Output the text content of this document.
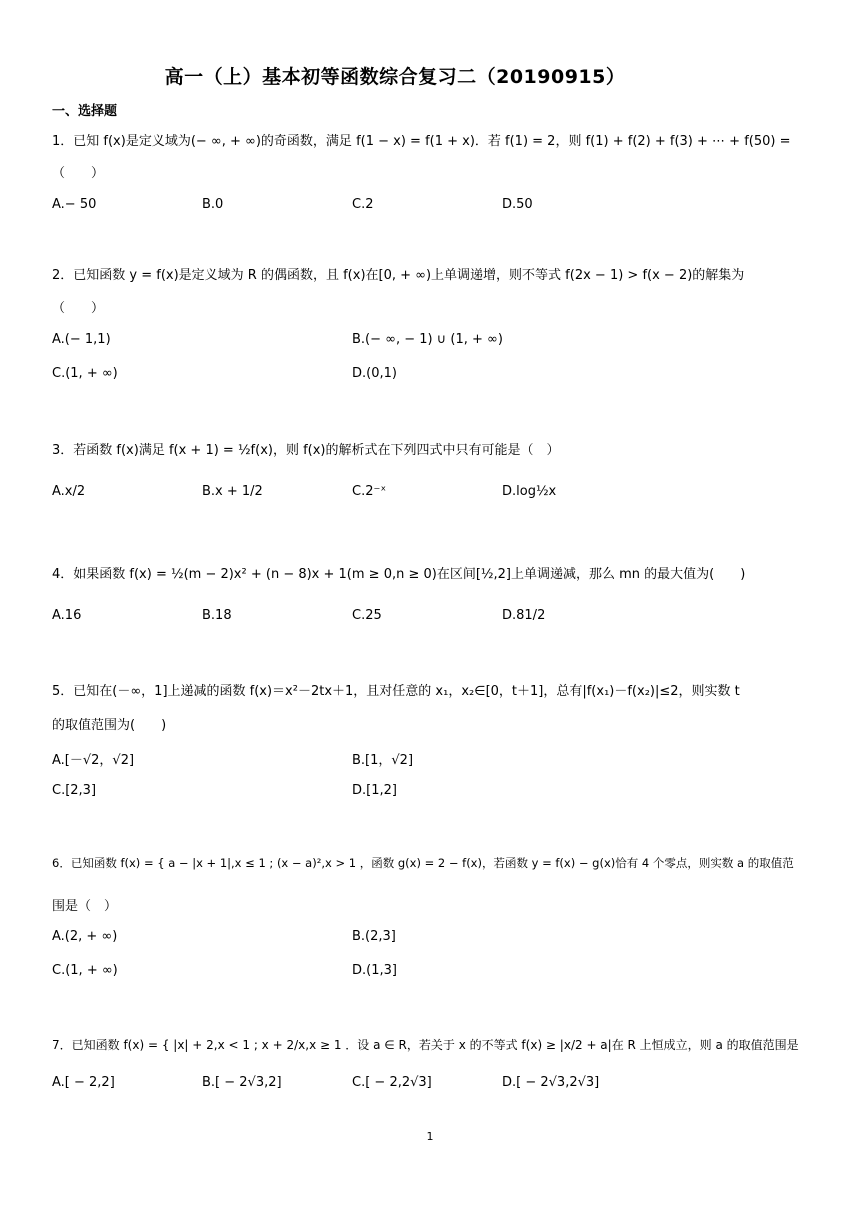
高一（上）基本初等函数综合复习二（20190915）
一、选择题
1．已知 f(x)是定义域为(− ∞, + ∞)的奇函数，满足 f(1 − x) = f(1 + x)．若 f(1) = 2，则 f(1) + f(2) + f(3) + ⋯ + f(50) =
（　　）
A.− 50	B.0	C.2	D.50
2．已知函数 y = f(x)是定义域为 R 的偶函数，且 f(x)在[0, + ∞)上单调递增，则不等式 f(2x − 1) > f(x − 2)的解集为
（　　）
A.(− 1,1)	B.(− ∞, − 1) ∪ (1, + ∞)
C.(1, + ∞)	D.(0,1)
3．若函数 f(x)满足 f(x + 1) = ½f(x)，则 f(x)的解析式在下列四式中只有可能是（　）
A.x/2	B.x + 1/2	C.2⁻ˣ	D.log½x
4．如果函数 f(x) = ½(m − 2)x² + (n − 8)x + 1(m ≥ 0,n ≥ 0)在区间[½,2]上单调递减，那么 mn 的最大值为(　　)
A.16	B.18	C.25	D.81/2
5．已知在(－∞，1]上递减的函数 f(x)＝x²－2tx＋1，且对任意的 x₁，x₂∈[0，t＋1]，总有|f(x₁)－f(x₂)|≤2，则实数 t
的取值范围为(　　)
A.[－√2，√2]	B.[1，√2]
C.[2,3]	D.[1,2]
6．已知函数 f(x) = { a − |x + 1|,x ≤ 1 ; (x − a)²,x > 1 ，函数 g(x) = 2 − f(x)，若函数 y = f(x) − g(x)恰有 4 个零点，则实数 a 的取值范
围是（　）
A.(2, + ∞)	B.(2,3]
C.(1, + ∞)	D.(1,3]
7．已知函数 f(x) = { |x| + 2,x < 1 ; x + 2/x,x ≥ 1 ．设 a ∈ R，若关于 x 的不等式 f(x) ≥ |x/2 + a|在 R 上恒成立，则 a 的取值范围是
A.[ − 2,2]	B.[ − 2√3,2]	C.[ − 2,2√3]	D.[ − 2√3,2√3]
1
